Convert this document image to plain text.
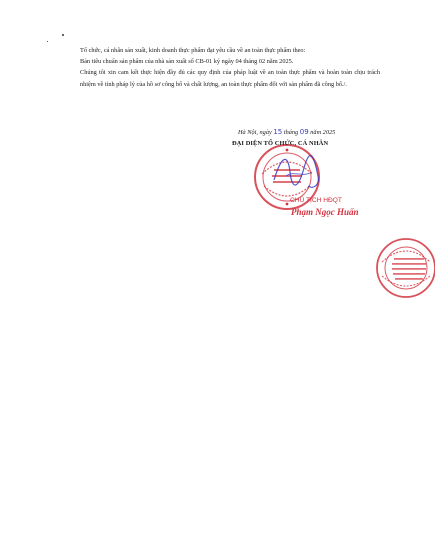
Tổ chức, cá nhân sản xuất, kinh doanh thực phẩm đạt yêu cầu về an toàn thực phẩm theo:

Bản tiêu chuẩn sản phẩm của nhà sản xuất số CB-01 ký ngày 04 tháng 02 năm 2025.

Chúng tôi xin cam kết thực hiện đầy đủ các quy định của pháp luật về an toàn thực phẩm và hoàn toàn chịu trách nhiệm về tính pháp lý của hồ sơ công bố và chất lượng, an toàn thực phẩm đối với sản phẩm đã công bố./.

Hà Nội, ngày 15 tháng 09 năm 2025
ĐẠI DIỆN TỔ CHỨC, CÁ NHÂN
CHỦ TỊCH HĐQT
Phạm Ngọc Huấn
